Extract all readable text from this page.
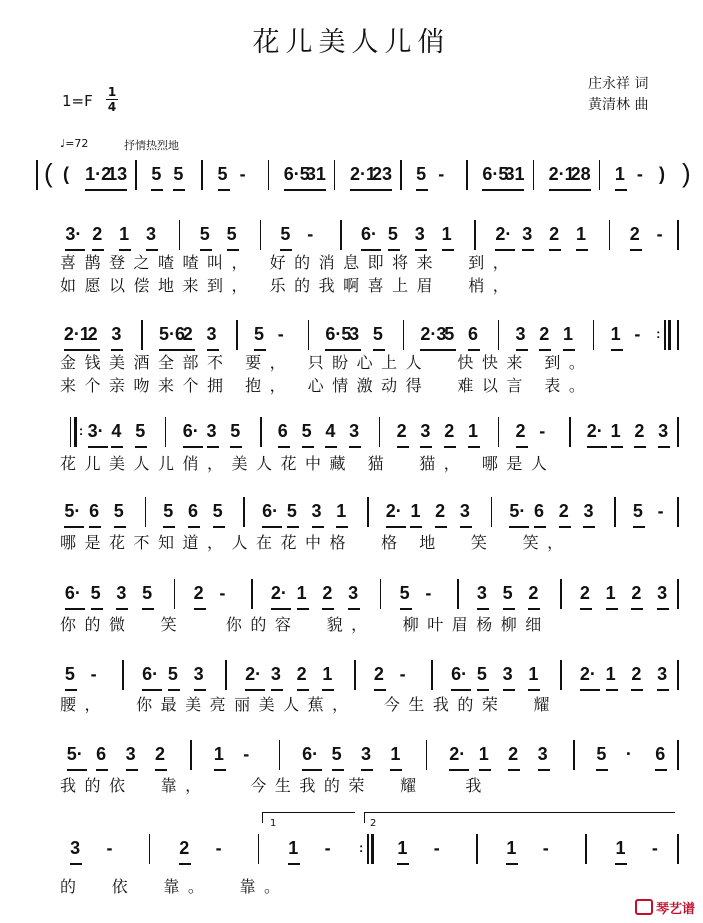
花儿美人儿俏
1=F 1
4
庄永祥 词
黄清林 曲
♩=72	抒情热烈地
( 1·2
13 5 5 5 - 6·5
31 2·1
23 5 - 6·5
31 2·1
28 1 - )
(	)
3· 2 1 3 5 5 5 -	6· 5 3 1 2· 3 2 1 2 -
2·1
2 3 5·6
2 3 5 - 6·5
3 5 2·3
5 6 3 2 1 1 - :
: 3· 4 5 6· 3 5 6 5 4 3 2 3 2 1 2 - 2· 1 2 3
5· 6 5 5 6 5 6· 5 3 1 2· 1 2 3 5· 6 2 3 5 -
6· 5 3 5 2 -	2· 1 2 3 5 -	3 5 2 2 1 2 3
5 -	6· 5 3 2· 3 2 1 2 -	6· 5 3 1 2· 1 2 3
5· 6 3 2	1 -	6· 5 3 1	2· 1 2 3	5 · 6
3 -	2 -	1 - : 1 -	1 -	1 -
1	2
琴艺谱
喜鹊登之喳喳叫， 好的消息即将来  到，
如愿以偿地来到， 乐的我啊喜上眉  梢，
金钱美酒全部不 要， 只盼心上人  快快来 到。
来个亲吻来个拥 抱， 心情激动得  难以言 表。
花儿美人儿俏，美人花中藏 猫  猫， 哪是人
哪是花不知道，人在花中格  格 地  笑  笑，
你的微  笑   你的容  貌，  柳叶眉杨柳细
腰，  你最美亮丽美人蕉，  今生我的荣  耀
我的依  靠，   今生我的荣  耀   我
的  依  靠。  靠。
